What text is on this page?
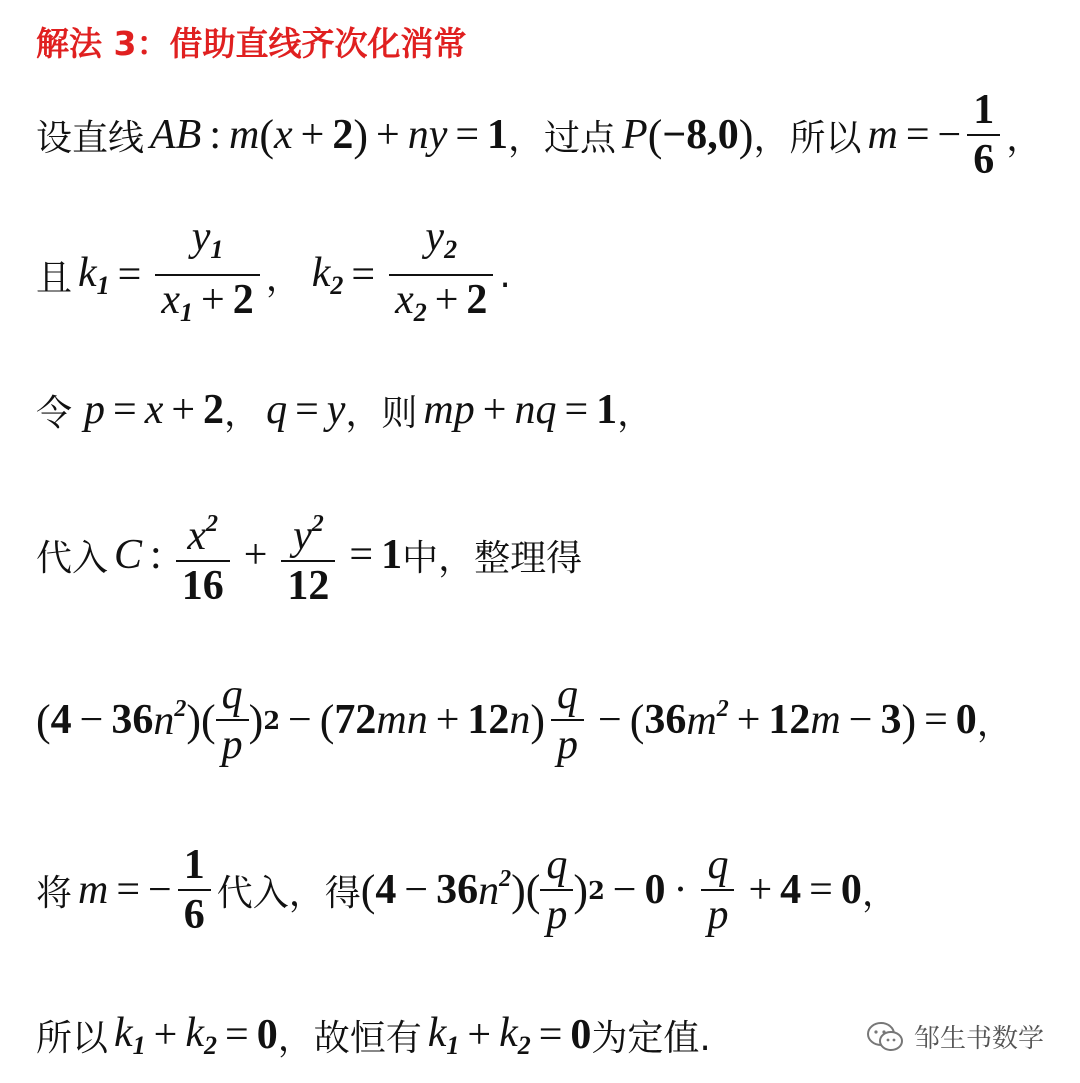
解法 3：借助直线齐次化消常
设直线 AB : m ( x + 2 ) + ny = 1 ，过点 P ( −8,0 ) ，所以 m = − $\frac{1}{6}$ ，
且 $k_1 = \frac{y_1}{x_1 + 2}$ ， $k_2 = \frac{y_2}{x_2 + 2}$ .
令 p = x + 2 ， q = y ，则 mp + nq = 1 ，
代入 C : $\frac{x^2}{16} + \frac{y^2}{12} = 1$ 中，整理得
( 4 − 36 $n^2$ )( $\frac{q}{p}$ ) 2 − ( 72 mn + 12 n ) $\frac{q}{p}$ − ( 36 $m^2 + 12$ m − 3 ) = 0 ，
将 m = − $\frac{1}{6}$ 代入，得 ( 4 − 36 $n^2$ )( $\frac{q}{p}$ ) $2 - 0 \cdot \frac{q}{p} + 4 = 0$ ，
所以 $k_1 + k_2 = 0$ ，故恒有 $k_1 + k_2 = 0$ 为定值.	邹生书数学
